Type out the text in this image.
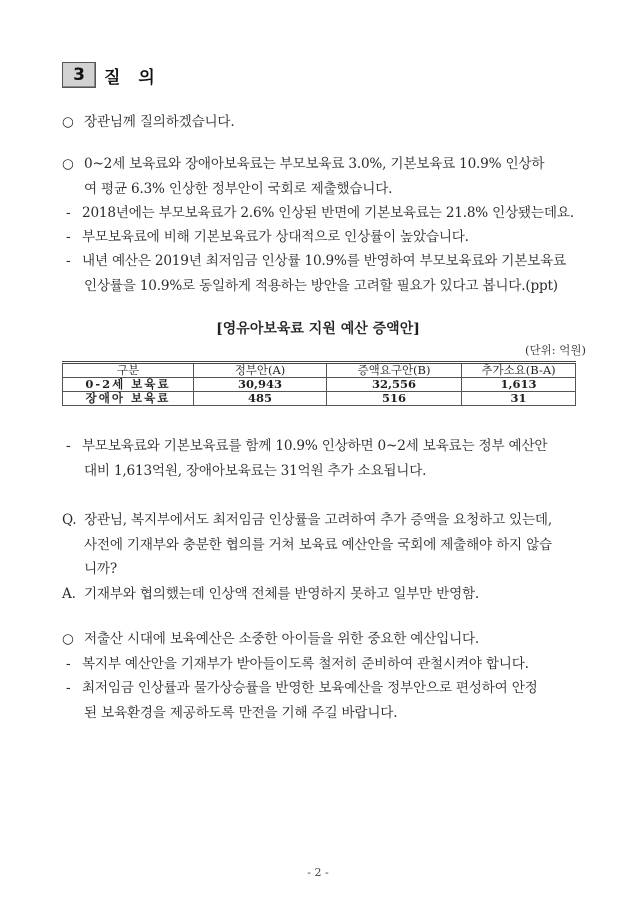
3	질 의
○ 장관님께 질의하겠습니다.
○ 0~2세 보육료와 장애아보육료는 부모보육료 3.0%, 기본보육료 10.9% 인상하
여 평균 6.3% 인상한 정부안이 국회로 제출했습니다.
- 2018년에는 부모보육료가 2.6% 인상된 반면에 기본보육료는 21.8% 인상됐는데요.
- 부모보육료에 비해 기본보육료가 상대적으로 인상률이 높았습니다.
- 내년 예산은 2019년 최저임금 인상률 10.9%를 반영하여 부모보육료와 기본보육료
인상률을 10.9%로 동일하게 적용하는 방안을 고려할 필요가 있다고 봅니다.(ppt)
[영유아보육료 지원 예산 증액안]
(단위: 억원)
구분	정부안(A)	증액요구안(B)	추가소요(B-A)
0-2세 보육료	30,943	32,556	1,613
장애아 보육료	485	516	31
- 부모보육료와 기본보육료를 함께 10.9% 인상하면 0~2세 보육료는 정부 예산안
대비 1,613억원, 장애아보육료는 31억원 추가 소요됩니다.
Q. 장관님, 복지부에서도 최저임금 인상률을 고려하여 추가 증액을 요청하고 있는데,
사전에 기재부와 충분한 협의를 거쳐 보육료 예산안을 국회에 제출해야 하지 않습
니까?
A. 기재부와 협의했는데 인상액 전체를 반영하지 못하고 일부만 반영함.
○ 저출산 시대에 보육예산은 소중한 아이들을 위한 중요한 예산입니다.
- 복지부 예산안을 기재부가 받아들이도록 철저히 준비하여 관철시켜야 합니다.
- 최저임금 인상률과 물가상승률을 반영한 보육예산을 정부안으로 편성하여 안정
된 보육환경을 제공하도록 만전을 기해 주길 바랍니다.
- 2 -
